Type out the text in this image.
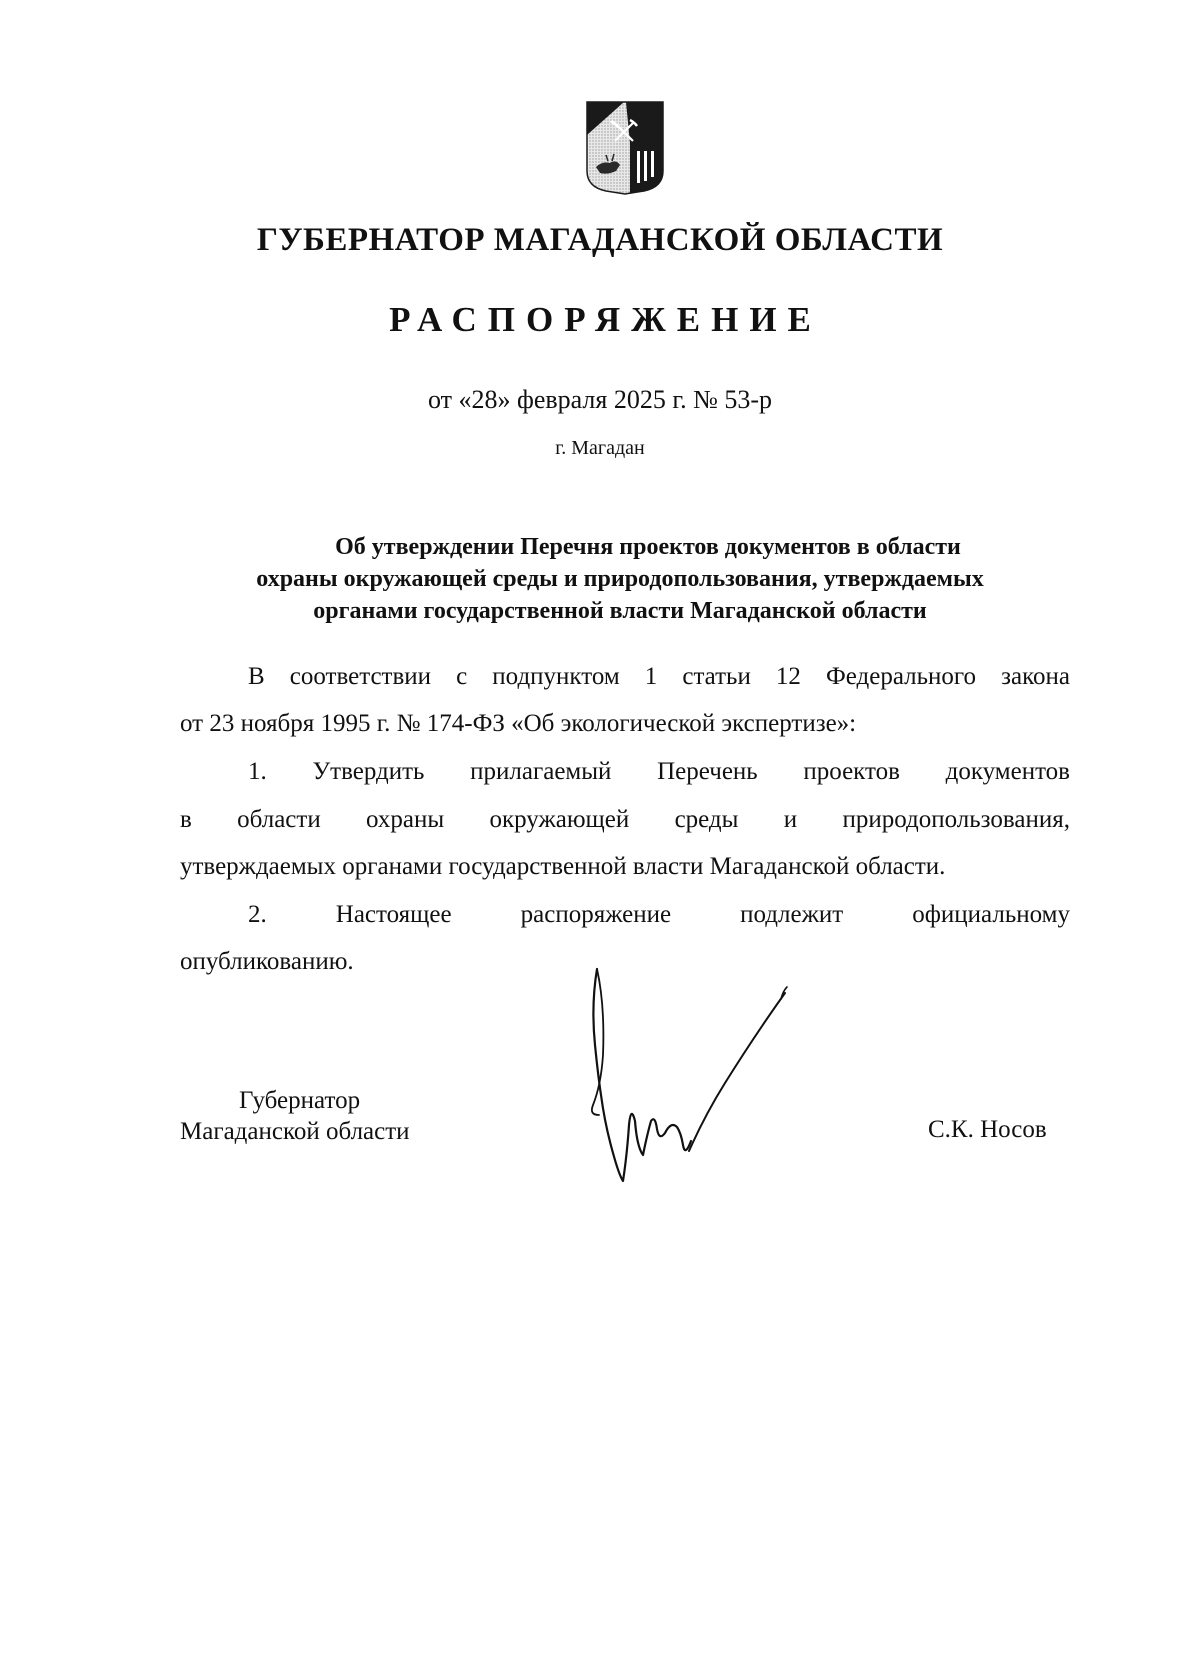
ГУБЕРНАТОР МАГАДАНСКОЙ ОБЛАСТИ
РАСПОРЯЖЕНИЕ
от «28» февраля 2025 г. № 53-р
г. Магадан
Об утверждении Перечня проектов документов в области
охраны окружающей среды и природопользования, утверждаемых
органами государственной власти Магаданской области
В соответствии с подпунктом 1 статьи 12 Федерального закона
от 23 ноября 1995 г. № 174-ФЗ «Об экологической экспертизе»:
1. Утвердить прилагаемый Перечень проектов документов
в области охраны окружающей среды и природопользования,
утверждаемых органами государственной власти Магаданской области.
2.	Настоящее	распоряжение	подлежит	официальному
опубликованию.
Губернатор
Магаданской области	С.К. Носов
